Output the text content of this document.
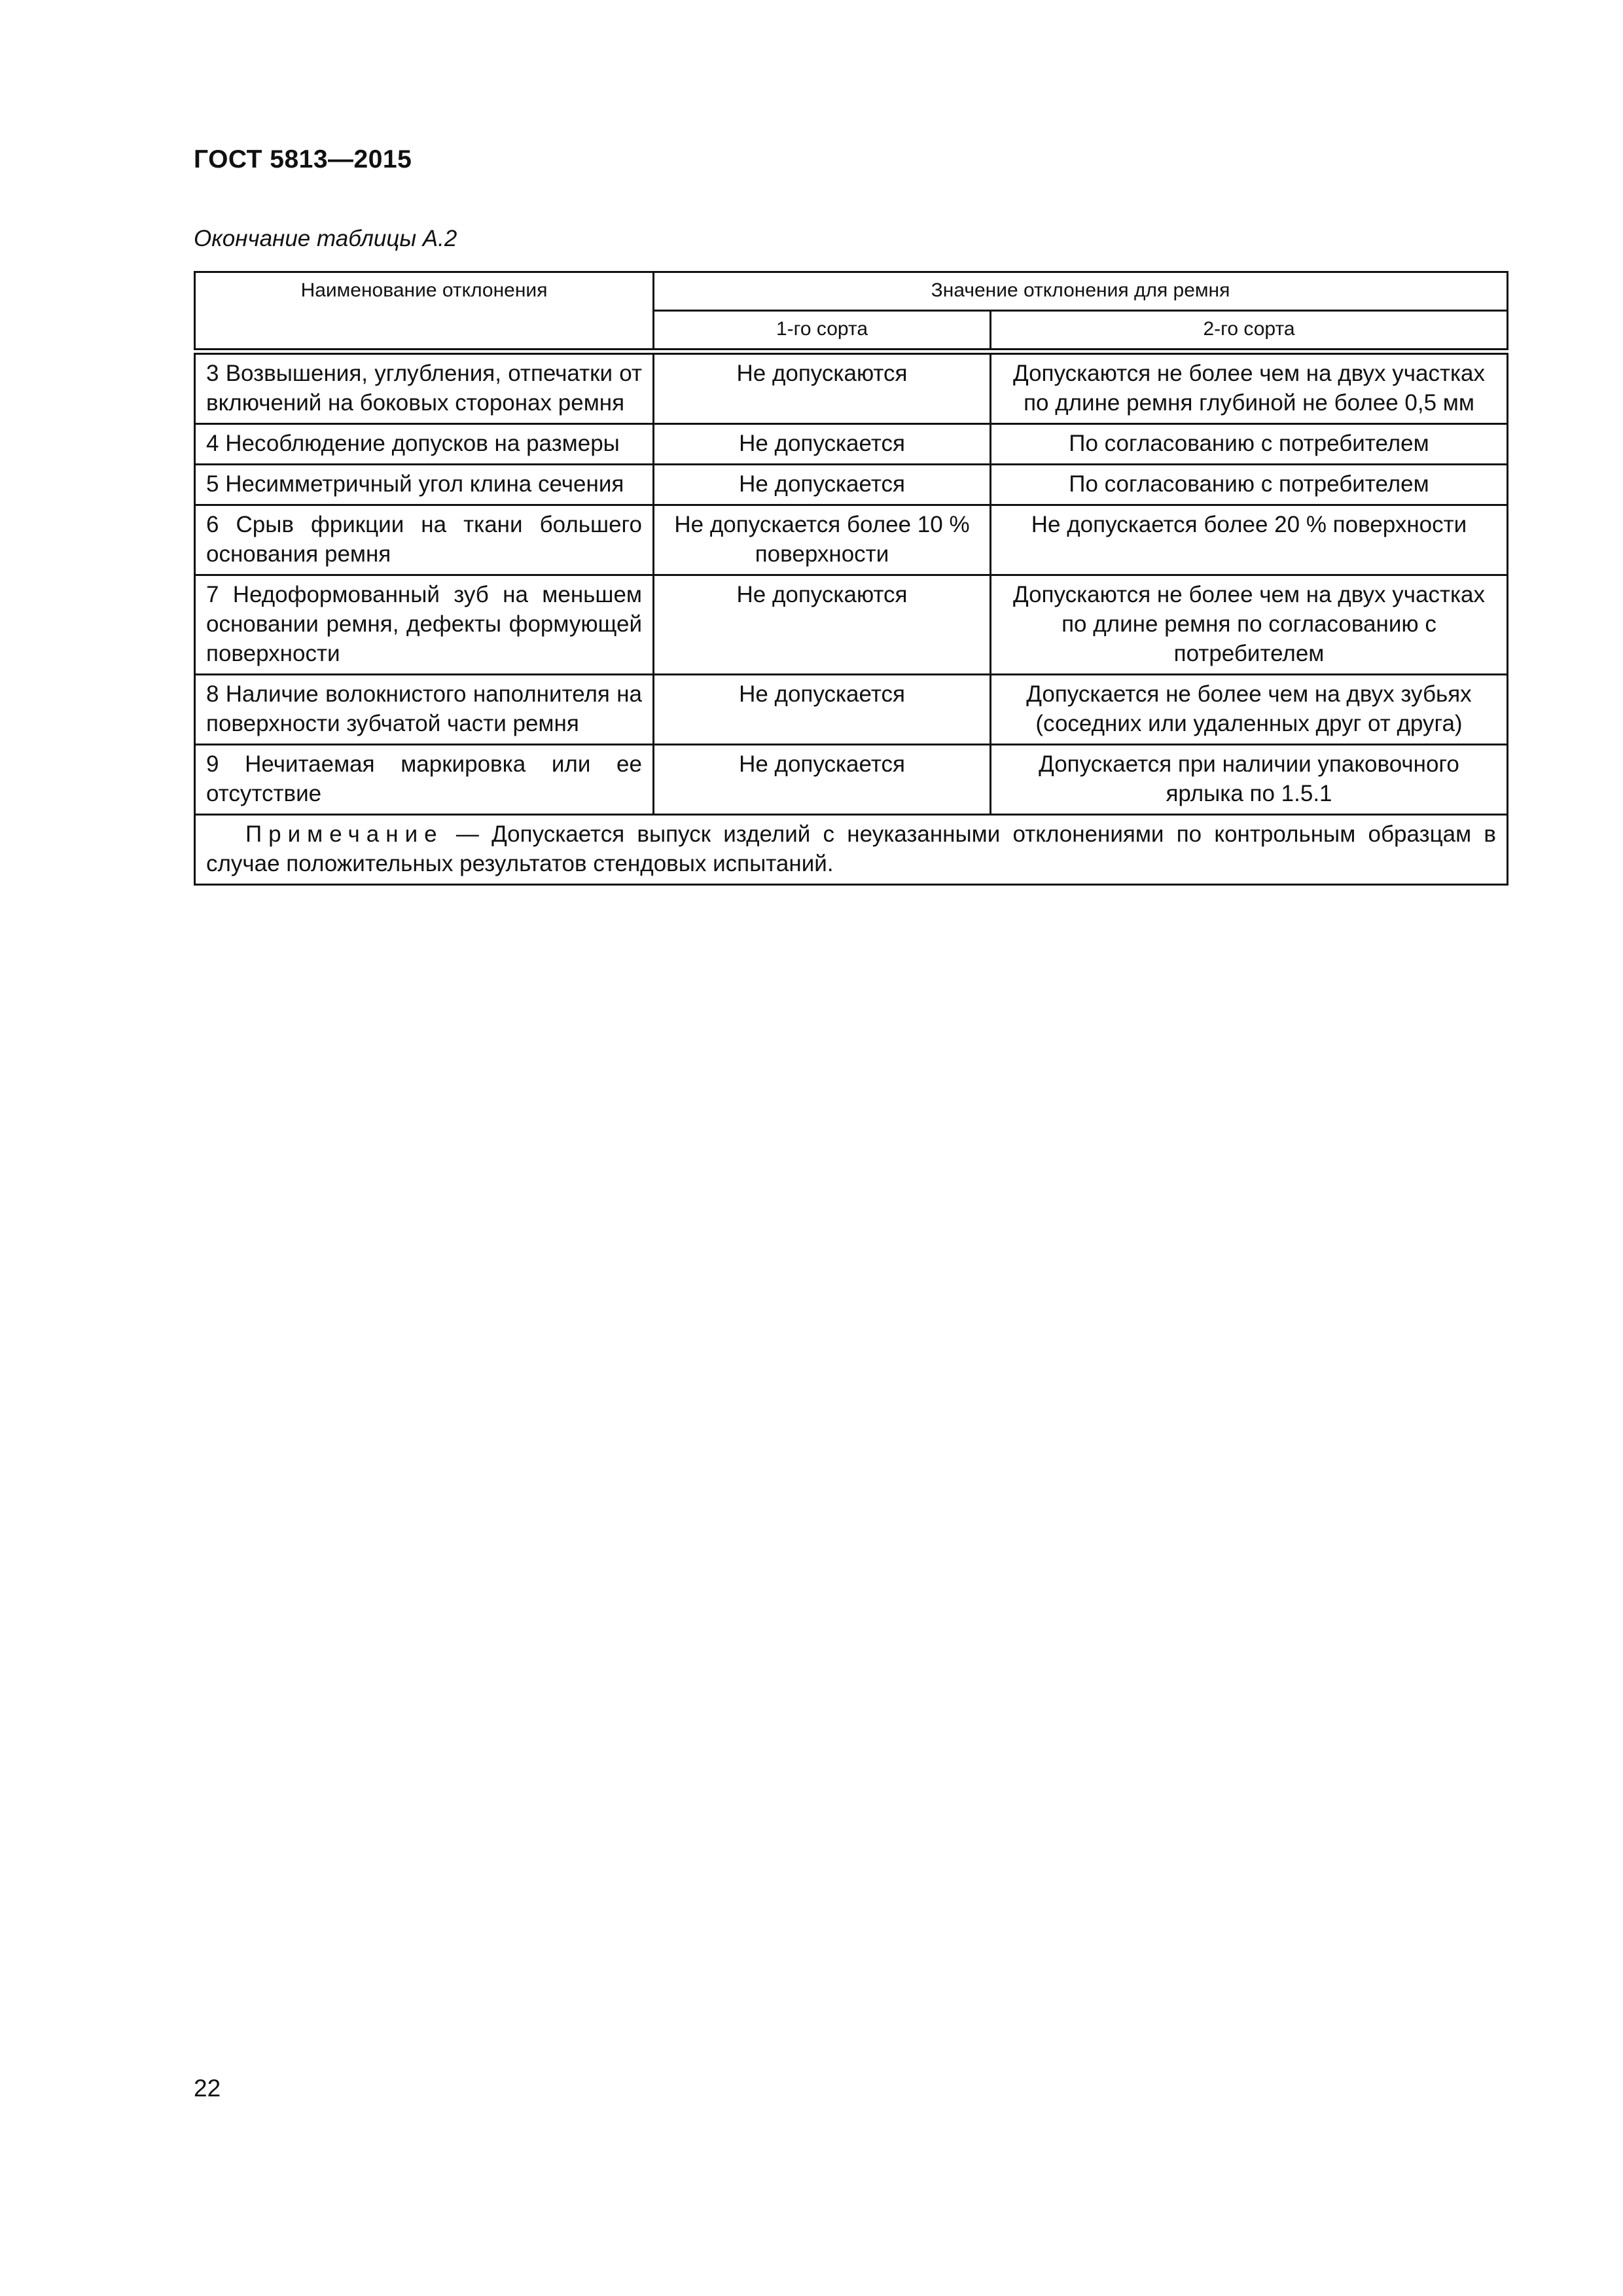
ГОСТ 5813—2015
Окончание таблицы А.2
Наименование отклонения	Значение отклонения для ремня	
	1-го сорта	2-го сорта
3 Возвышения, углубления, отпечатки от включений на боковых сторонах ремня	Не допускаются	Допускаются не более чем на двух участках по длине ремня глубиной не более 0,5 мм
4 Несоблюдение допусков на размеры	Не допускается	По согласованию с потребителем
5 Несимметричный угол клина сечения	Не допускается	По согласованию с потребителем
6 Срыв фрикции на ткани большего основания ремня	Не допускается более 10 % поверхности	Не допускается более 20 % поверхности
7 Недоформованный зуб на меньшем основании ремня, дефекты формующей поверхности	Не допускаются	Допускаются не более чем на двух участках по длине ремня по согласованию с потребителем
8 Наличие волокнистого наполнителя на поверхности зубчатой части ремня	Не допускается	Допускается не более чем на двух зубьях (соседних или удаленных друг от друга)
9 Нечитаемая маркировка или ее отсутствие	Не допускается	Допускается при наличии упаковочного ярлыка по 1.5.1
Примечание — Допускается выпуск изделий с неуказанными отклонениями по контрольным образцам в случае положительных результатов стендовых испытаний.		
22
